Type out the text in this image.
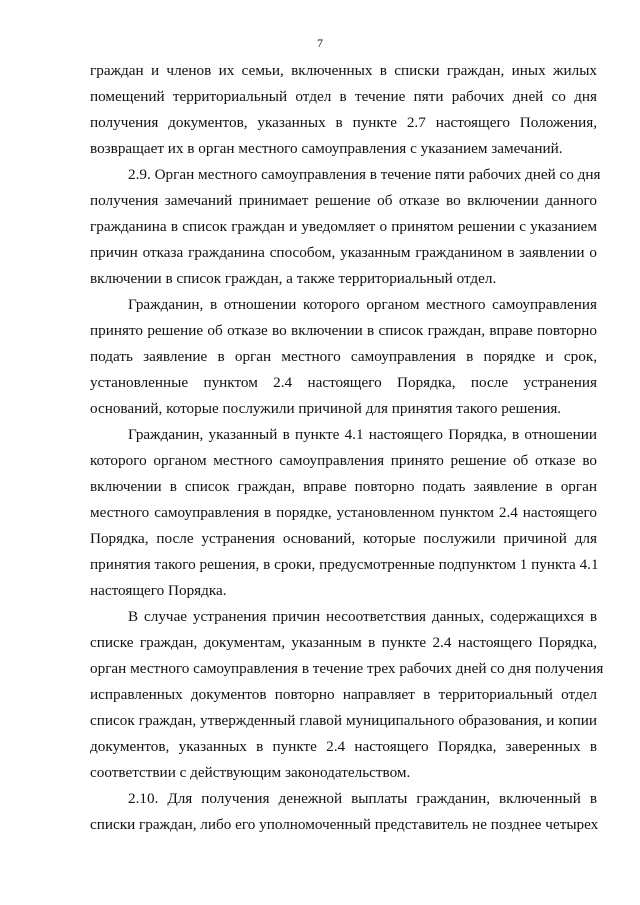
7
граждан и членов их семьи, включенных в списки граждан, иных жилых
помещений территориальный отдел в течение пяти рабочих дней со дня
получения документов, указанных в пункте 2.7 настоящего Положения,
возвращает их в орган местного самоуправления с указанием замечаний.
2.9. Орган местного самоуправления в течение пяти рабочих дней со дня
получения замечаний принимает решение об отказе во включении данного
гражданина в список граждан и уведомляет о принятом решении с указанием
причин отказа гражданина способом, указанным гражданином в заявлении о
включении в список граждан, а также территориальный отдел.
Гражданин, в отношении которого органом местного самоуправления
принято решение об отказе во включении в список граждан, вправе повторно
подать заявление в орган местного самоуправления в порядке и срок,
установленные пунктом 2.4 настоящего Порядка, после устранения
оснований, которые послужили причиной для принятия такого решения.
Гражданин, указанный в пункте 4.1 настоящего Порядка, в отношении
которого органом местного самоуправления принято решение об отказе во
включении в список граждан, вправе повторно подать заявление в орган
местного самоуправления в порядке, установленном пунктом 2.4 настоящего
Порядка, после устранения оснований, которые послужили причиной для
принятия такого решения, в сроки, предусмотренные подпунктом 1 пункта 4.1
настоящего Порядка.
В случае устранения причин несоответствия данных, содержащихся в
списке граждан, документам, указанным в пункте 2.4 настоящего Порядка,
орган местного самоуправления в течение трех рабочих дней со дня получения
исправленных документов повторно направляет в территориальный отдел
список граждан, утвержденный главой муниципального образования, и копии
документов, указанных в пункте 2.4 настоящего Порядка, заверенных в
соответствии с действующим законодательством.
2.10. Для получения денежной выплаты гражданин, включенный в
списки граждан, либо его уполномоченный представитель не позднее четырех
